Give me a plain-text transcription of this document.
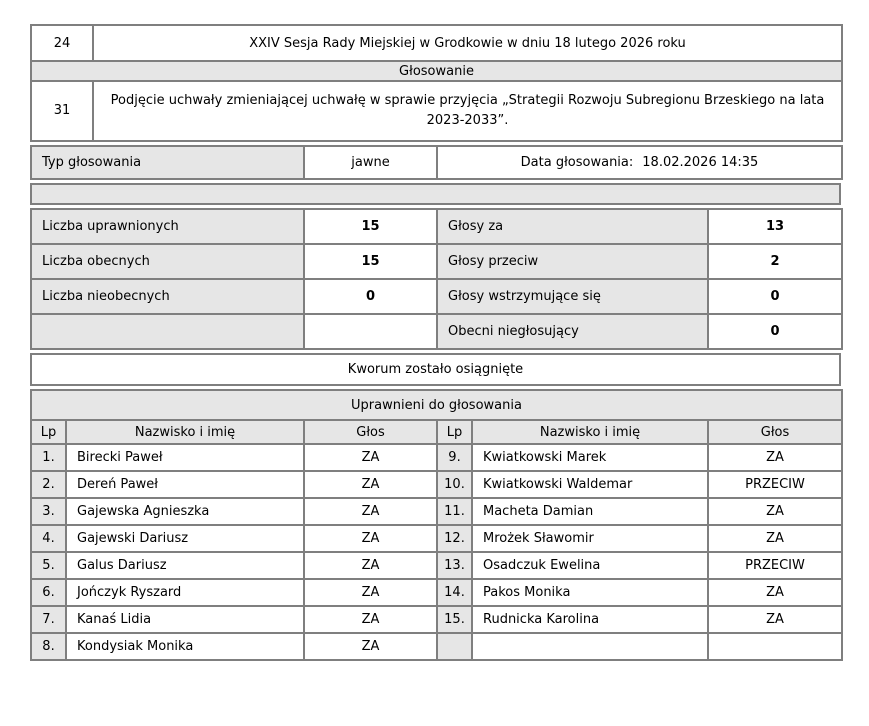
24	XXIV Sesja Rady Miejskiej w Grodkowie w dniu 18 lutego 2026 roku
Głosowanie	
31	Podjęcie uchwały zmieniającej uchwałę w sprawie przyjęcia „Strategii Rozwoju Subregionu Brzeskiego na lata 2023-2033”.
Typ głosowania	jawne	Data głosowania: 18.02.2026 14:35
Liczba uprawnionych	15	Głosy za	13
Liczba obecnych	15	Głosy przeciw	2
Liczba nieobecnych	0	Głosy wstrzymujące się	0
		Obecni niegłosujący	0
Kworum zostało osiągnięte
Uprawnieni do głosowania					
Lp	Nazwisko i imię	Głos	Lp	Nazwisko i imię	Głos
1.	Birecki Paweł	ZA	9.	Kwiatkowski Marek	ZA
2.	Dereń Paweł	ZA	10.	Kwiatkowski Waldemar	PRZECIW
3.	Gajewska Agnieszka	ZA	11.	Macheta Damian	ZA
4.	Gajewski Dariusz	ZA	12.	Mrożek Sławomir	ZA
5.	Galus Dariusz	ZA	13.	Osadczuk Ewelina	PRZECIW
6.	Jończyk Ryszard	ZA	14.	Pakos Monika	ZA
7.	Kanaś Lidia	ZA	15.	Rudnicka Karolina	ZA
8.	Kondysiak Monika	ZA			
